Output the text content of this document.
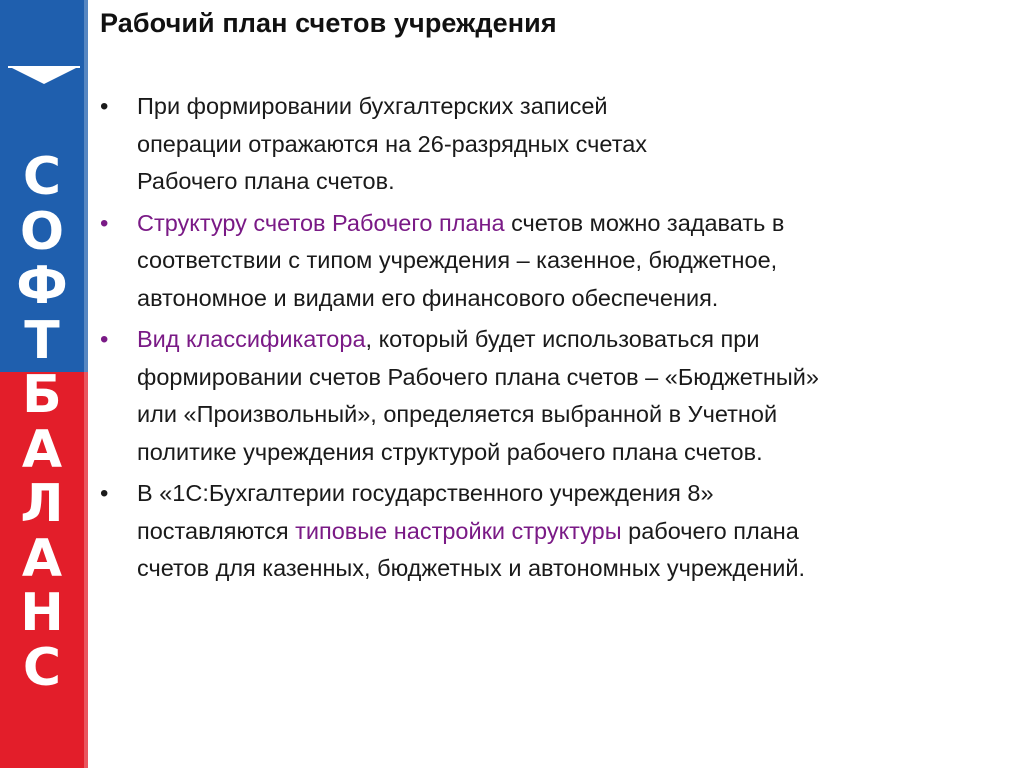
С
О
Ф
Т
Б
А
Л
А
Н
С
Рабочий план счетов учреждения
•	При формировании бухгалтерских записей
операции отражаются на 26-разрядных счетах
Рабочего плана счетов.
•	Структуру счетов Рабочего плана счетов можно задавать в
соответствии с типом учреждения – казенное, бюджетное,
автономное и видами его финансового обеспечения.
•	Вид классификатора, который будет использоваться при
формировании счетов Рабочего плана счетов – «Бюджетный»
или «Произвольный», определяется выбранной в Учетной
политике учреждения структурой рабочего плана счетов.
•	В «1С:Бухгалтерии государственного учреждения 8»
поставляются типовые настройки структуры рабочего плана
счетов для казенных, бюджетных и автономных учреждений.
